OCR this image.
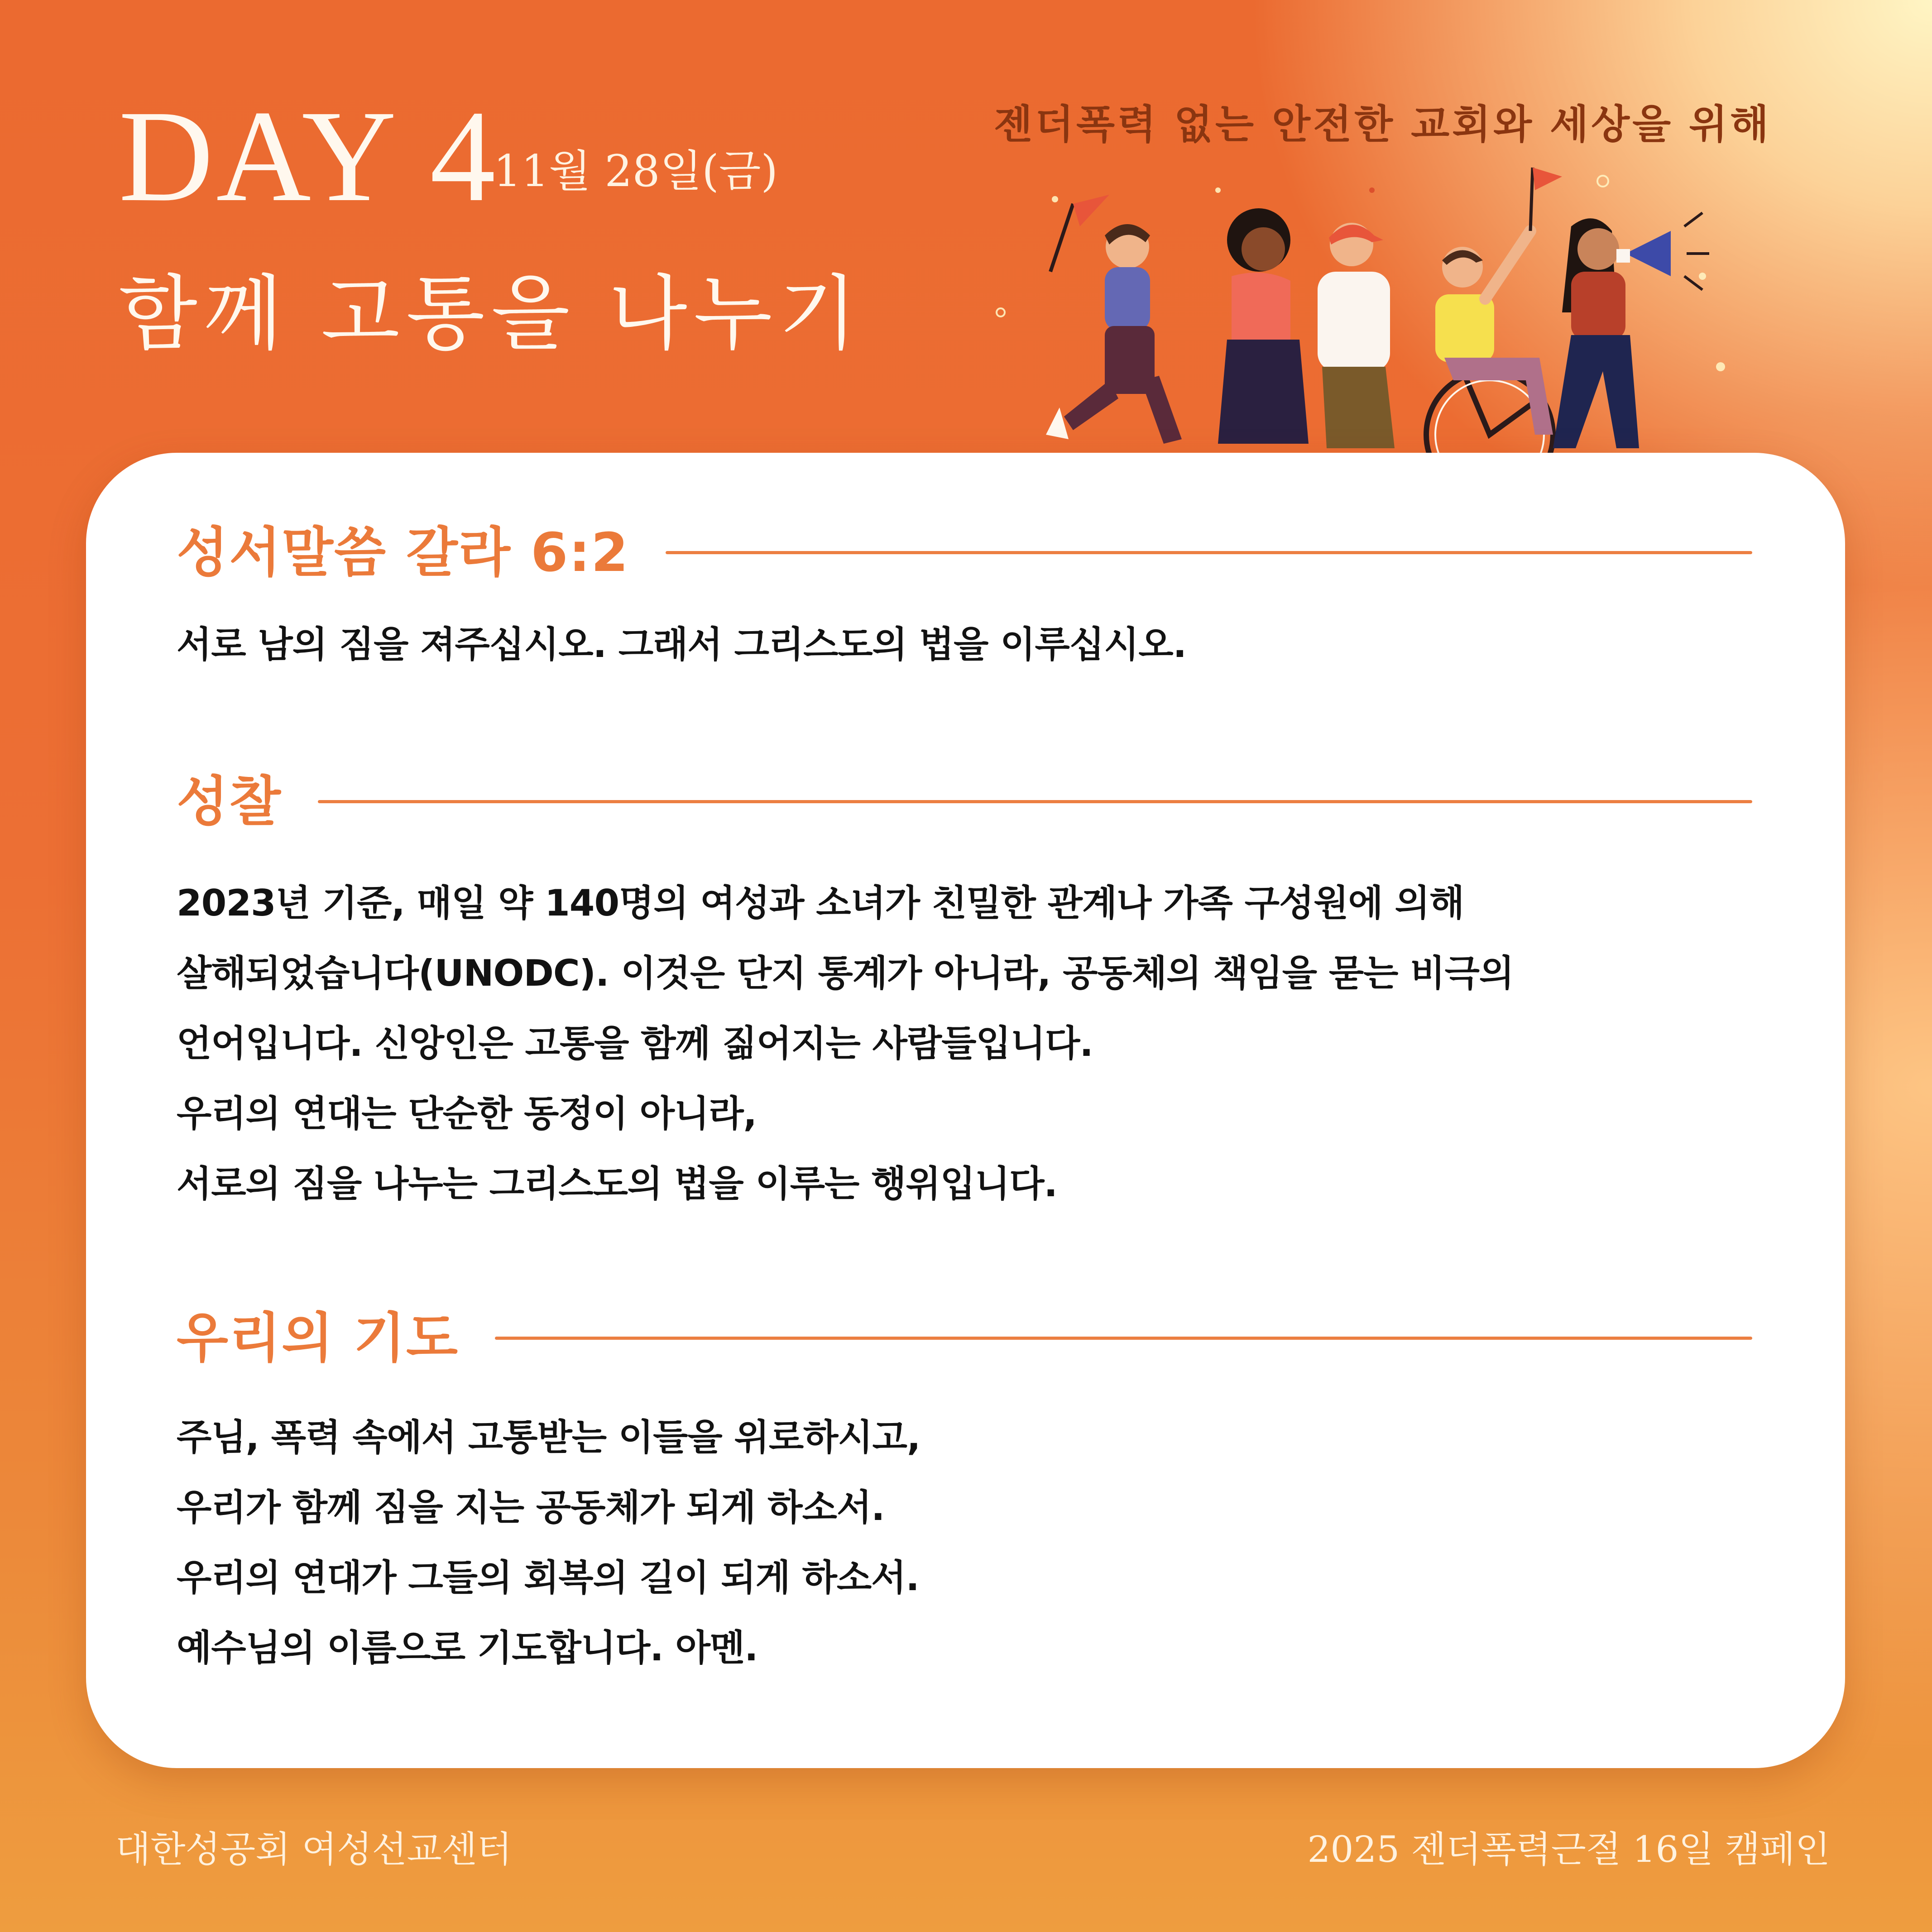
DAY 4
11월 28일(금)
함께 고통을 나누기
젠더폭력 없는 안전한 교회와 세상을 위해
성서말씀 갈라 6:2
서로 남의 짐을 져주십시오. 그래서 그리스도의 법을 이루십시오.
성찰
2023년 기준, 매일 약 140명의 여성과 소녀가 친밀한 관계나 가족 구성원에 의해
살해되었습니다(UNODC). 이것은 단지 통계가 아니라, 공동체의 책임을 묻는 비극의
언어입니다. 신앙인은 고통을 함께 짊어지는 사람들입니다.
우리의 연대는 단순한 동정이 아니라,
서로의 짐을 나누는 그리스도의 법을 이루는 행위입니다.
우리의 기도
주님, 폭력 속에서 고통받는 이들을 위로하시고,
우리가 함께 짐을 지는 공동체가 되게 하소서.
우리의 연대가 그들의 회복의 길이 되게 하소서.
예수님의 이름으로 기도합니다. 아멘.
대한성공회 여성선교센터	2025 젠더폭력근절 16일 캠페인
